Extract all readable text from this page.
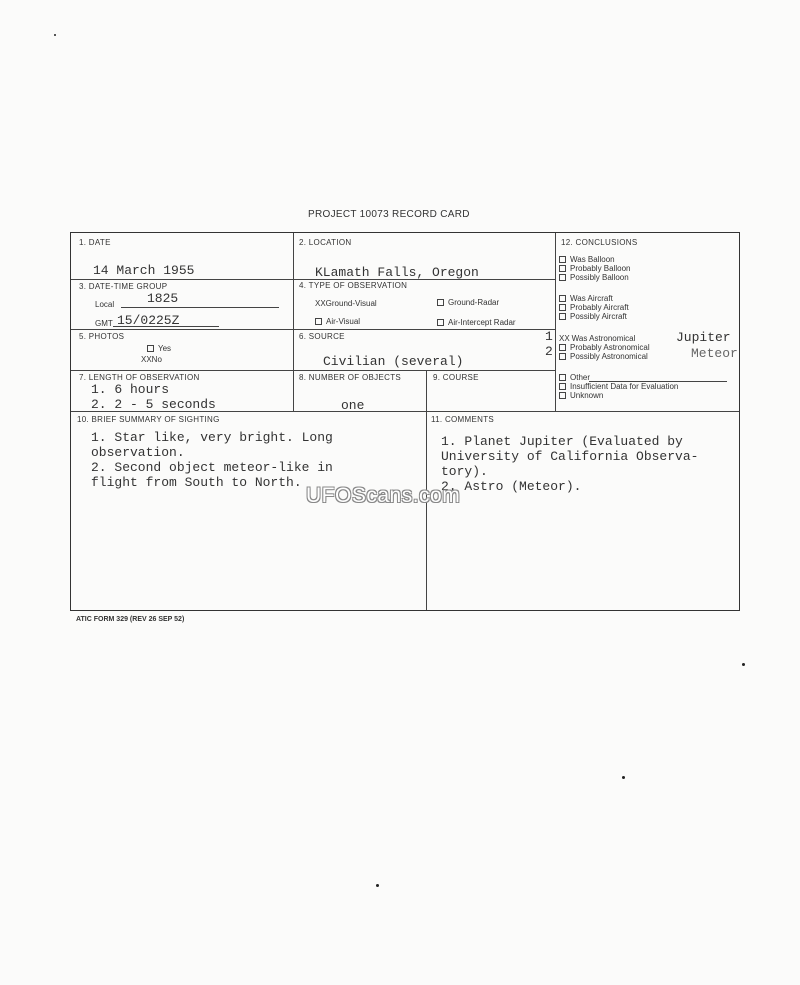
PROJECT 10073 RECORD CARD
1. DATE
14 March 1955
2. LOCATION
KLamath Falls, Oregon
3. DATE-TIME GROUP
Local	1825
GMT 15/0225Z
4. TYPE OF OBSERVATION
XXGround-Visual	Ground-Radar
Air-Visual	Air-Intercept Radar
5. PHOTOS
Yes
XXNo
6. SOURCE
Civilian (several)
7. LENGTH OF OBSERVATION
1. 6 hours
2. 2 - 5 seconds
8. NUMBER OF OBJECTS
one
9. COURSE
12. CONCLUSIONS
Was Balloon
Probably Balloon
Possibly Balloon
Was Aircraft
Probably Aircraft
Possibly Aircraft
1
2
XX Was Astronomical
Probably Astronomical
Possibly Astronomical
Jupiter
Meteor
Other
Insufficient Data for Evaluation
Unknown
10. BRIEF SUMMARY OF SIGHTING
1. Star like, very bright. Long
observation.
2. Second object meteor-like in
flight from South to North.
11. COMMENTS
1. Planet Jupiter (Evaluated by
University of California Observa-
tory).
2. Astro (Meteor).
ATIC FORM 329 (REV 26 SEP 52)
UFOScans.com
